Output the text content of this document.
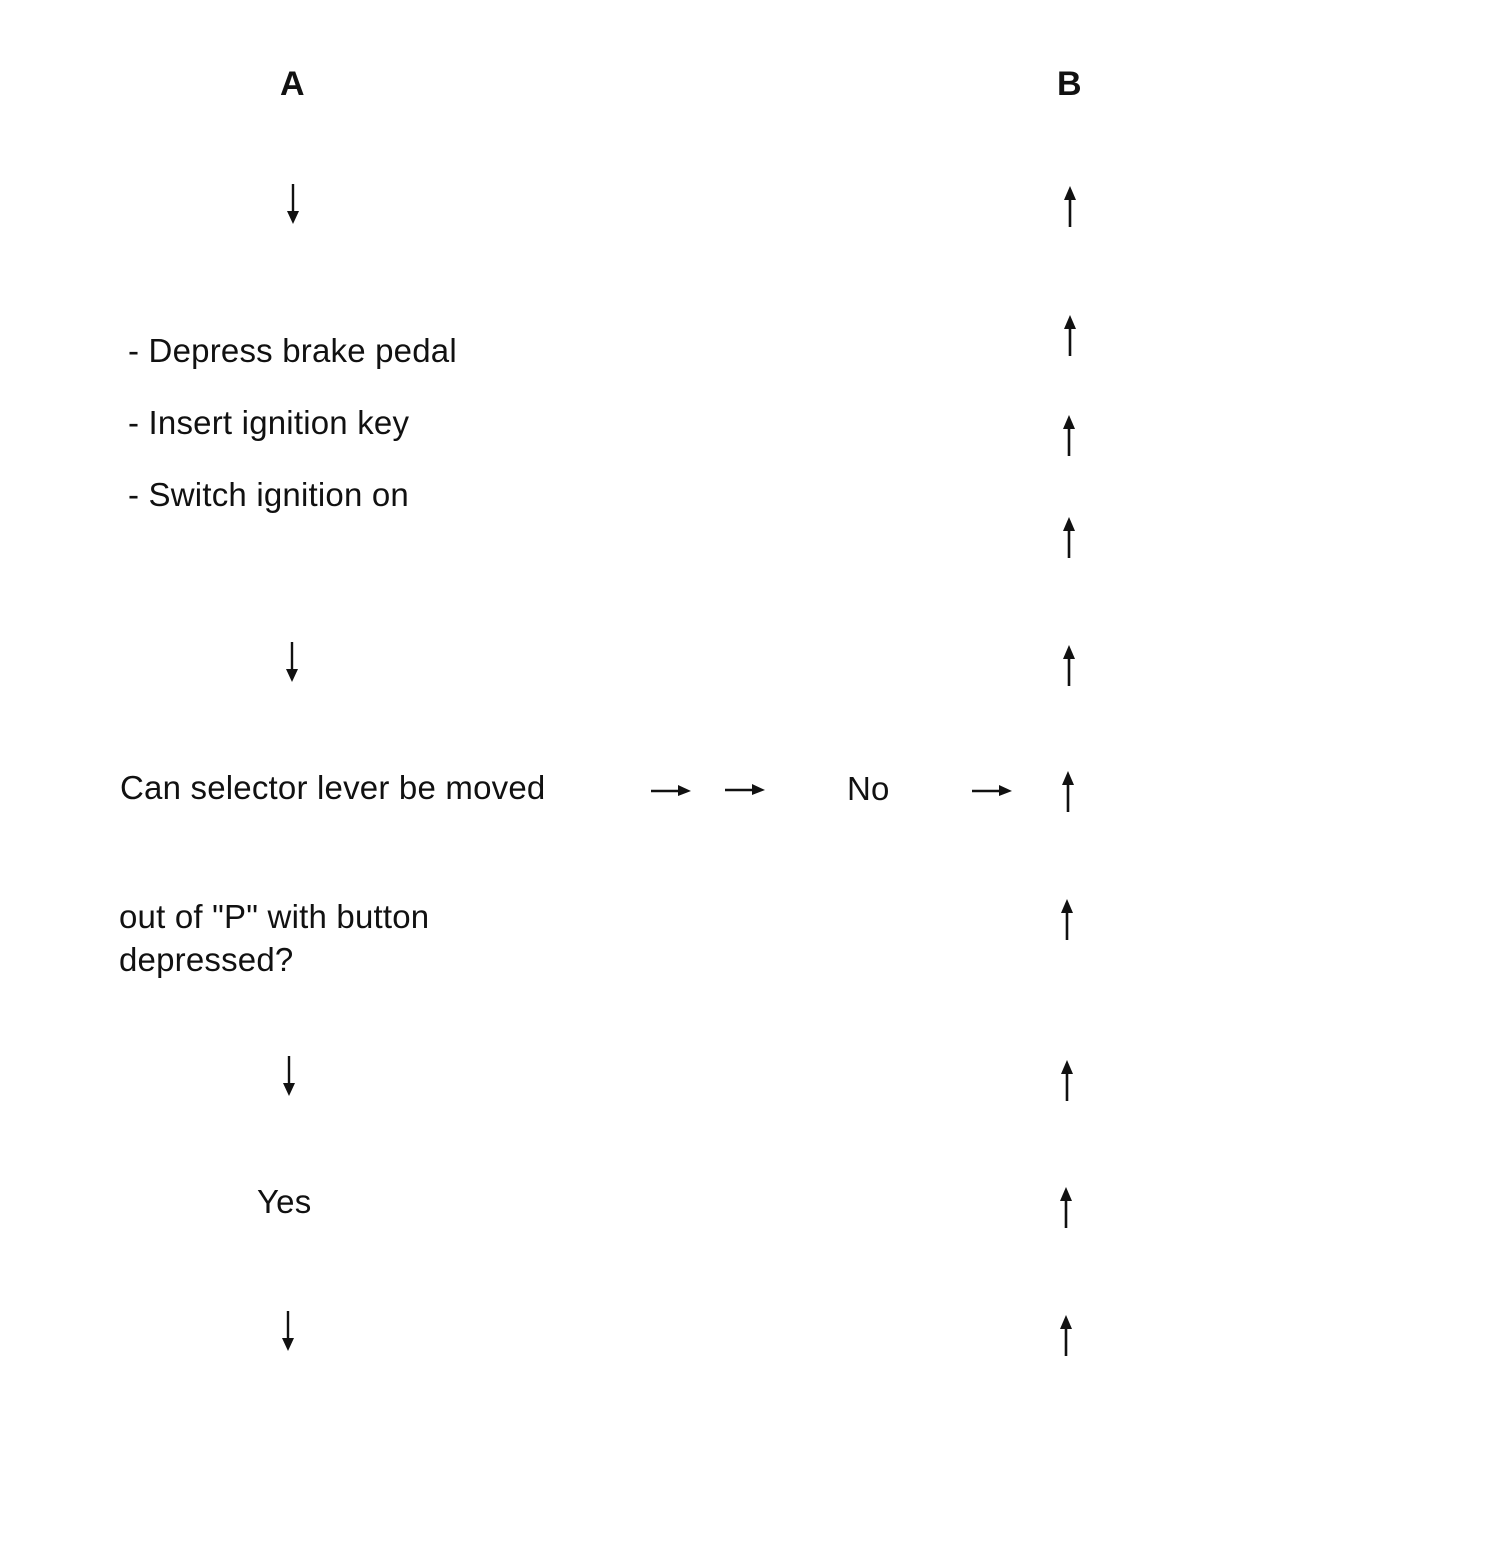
A	B
- Depress brake pedal
- Insert ignition key
- Switch ignition on
Can selector lever be moved
out of "P" with button depressed?
No
Yes
